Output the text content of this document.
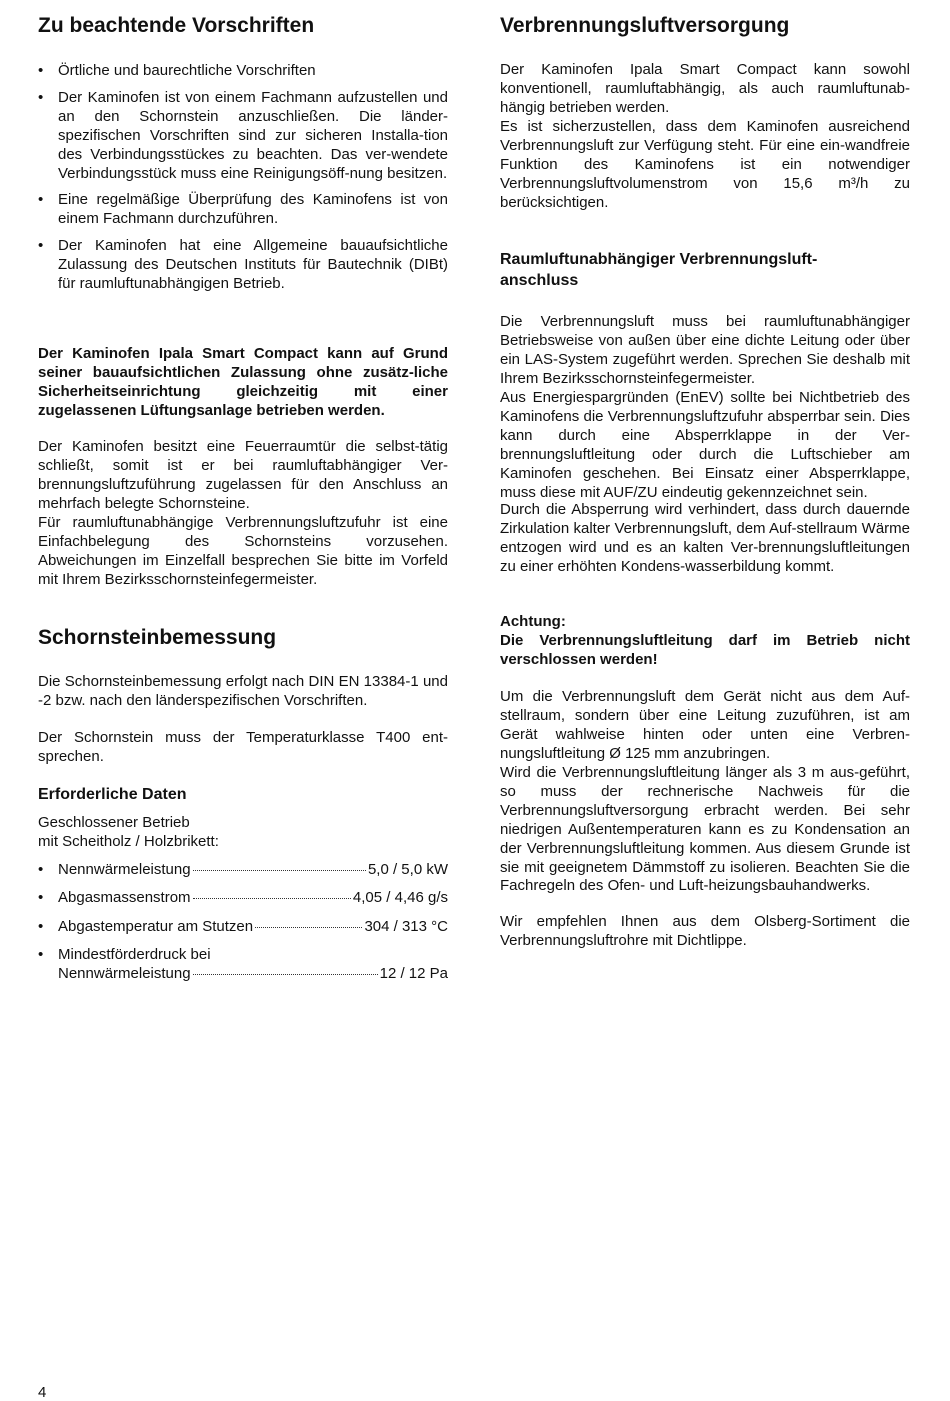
Zu beachtende Vorschriften
• Örtliche und baurechtliche Vorschriften
• Der Kaminofen ist von einem Fachmann aufzustellen und an den Schornstein anzuschließen. Die länder-spezifischen Vorschriften sind zur sicheren Installa-tion des Verbindungsstückes zu beachten. Das ver-wendete Verbindungsstück muss eine Reinigungsöff-nung besitzen.
• Eine regelmäßige Überprüfung des Kaminofens ist von einem Fachmann durchzuführen.
• Der Kaminofen hat eine Allgemeine bauaufsichtliche Zulassung des Deutschen Instituts für Bautechnik (DIBt) für raumluftunabhängigen Betrieb.
Der Kaminofen Ipala Smart Compact kann auf Grund seiner bauaufsichtlichen Zulassung ohne zusätz-liche Sicherheitseinrichtung gleichzeitig mit einer zugelassenen Lüftungsanlage betrieben werden.
Der Kaminofen besitzt eine Feuerraumtür die selbst-tätig schließt, somit ist er bei raumluftabhängiger Ver-brennungsluftzuführung zugelassen für den Anschluss an mehrfach belegte Schornsteine.
Für raumluftunabhängige Verbrennungsluftzufuhr ist eine Einfachbelegung des Schornsteins vorzusehen. Abweichungen im Einzelfall besprechen Sie bitte im Vorfeld mit Ihrem Bezirksschornsteinfegermeister.
Schornsteinbemessung
Die Schornsteinbemessung erfolgt nach DIN EN 13384-1 und -2 bzw. nach den länderspezifischen Vorschriften.
Der Schornstein muss der Temperaturklasse T400 ent-sprechen.
Erforderliche Daten
Geschlossener Betrieb
mit Scheitholz / Holzbrikett:
• Nennwärmeleistung	5,0 / 5,0 kW
• Abgasmassenstrom	4,05 / 4,46 g/s
• Abgastemperatur am Stutzen	304 / 313 °C
• Mindestförderdruck bei
Nennwärmeleistung	12 / 12 Pa
Verbrennungsluftversorgung
Der Kaminofen Ipala Smart Compact kann sowohl konventionell, raumluftabhängig, als auch raumluftunab-hängig betrieben werden.
Es ist sicherzustellen, dass dem Kaminofen ausreichend Verbrennungsluft zur Verfügung steht. Für eine ein-wandfreie Funktion des Kaminofens ist ein notwendiger Verbrennungsluftvolumenstrom von 15,6 m³/h zu berücksichtigen.
Raumluftunabhängiger Verbrennungsluft-
anschluss
Die Verbrennungsluft muss bei raumluftunabhängiger Betriebsweise von außen über eine dichte Leitung oder über ein LAS-System zugeführt werden. Sprechen Sie deshalb mit Ihrem Bezirksschornsteinfegermeister.
Aus Energiespargründen (EnEV) sollte bei Nichtbetrieb des Kaminofens die Verbrennungsluftzufuhr absperrbar sein. Dies kann durch eine Absperrklappe in der Ver-brennungsluftleitung oder durch die Luftschieber am Kaminofen geschehen. Bei Einsatz einer Absperrklappe, muss diese mit AUF/ZU eindeutig gekennzeichnet sein.
Durch die Absperrung wird verhindert, dass durch dauernde Zirkulation kalter Verbrennungsluft, dem Auf-stellraum Wärme entzogen wird und es an kalten Ver-brennungsluftleitungen zu einer erhöhten Kondens-wasserbildung kommt.
Achtung:
Die Verbrennungsluftleitung darf im Betrieb nicht verschlossen werden!
Um die Verbrennungsluft dem Gerät nicht aus dem Auf-stellraum, sondern über eine Leitung zuzuführen, ist am Gerät wahlweise hinten oder unten eine Verbren-nungsluftleitung Ø 125 mm anzubringen.
Wird die Verbrennungsluftleitung länger als 3 m aus-geführt, so muss der rechnerische Nachweis für die Verbrennungsluftversorgung erbracht werden. Bei sehr niedrigen Außentemperaturen kann es zu Kondensation an der Verbrennungsluftleitung kommen. Aus diesem Grunde ist sie mit geeignetem Dämmstoff zu isolieren. Beachten Sie die Fachregeln des Ofen- und Luft-heizungsbauhandwerks.
Wir empfehlen Ihnen aus dem Olsberg-Sortiment die Verbrennungsluftrohre mit Dichtlippe.
4
